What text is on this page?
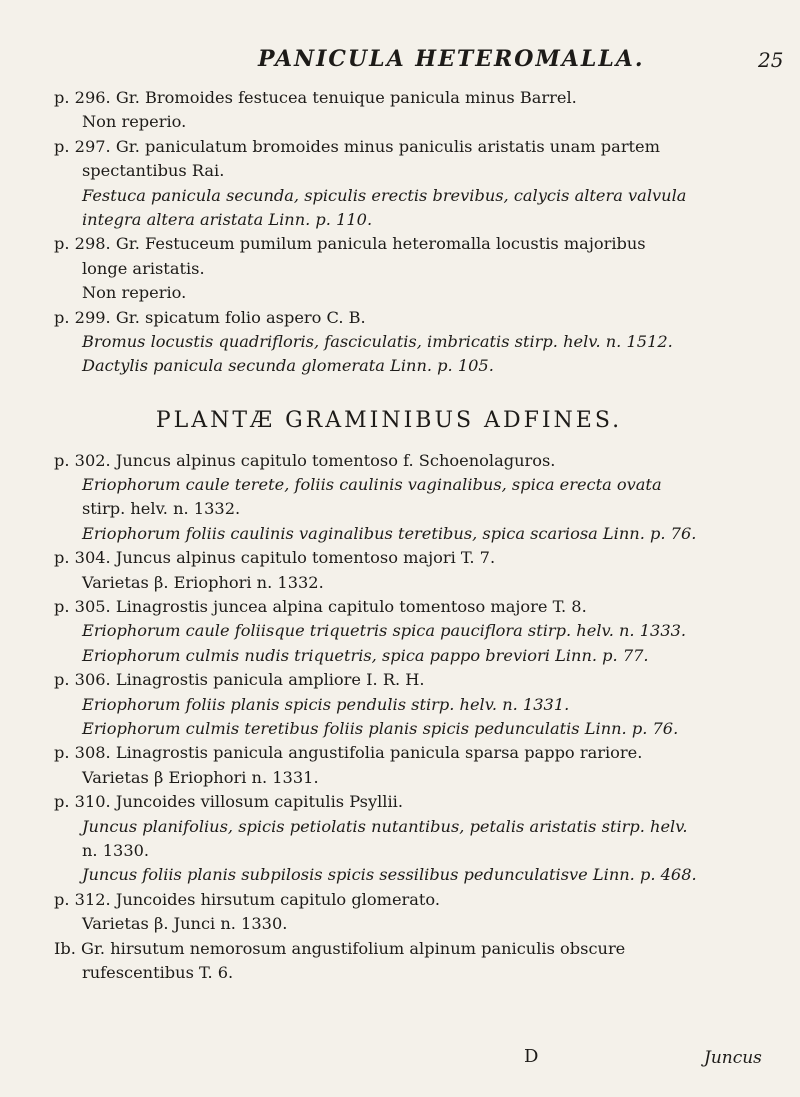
PANICULA HETEROMALLA.	25
p. 296. Gr. Bromoides festucea tenuique panicula minus Barrel.
Non reperio.
p. 297. Gr. paniculatum bromoides minus paniculis aristatis unam partem
spectantibus Rai.
Festuca panicula secunda, spiculis erectis brevibus, calycis altera valvula
integra altera aristata Linn. p. 110.
p. 298. Gr. Festuceum pumilum panicula heteromalla locustis majoribus
longe aristatis.
Non reperio.
p. 299. Gr. spicatum folio aspero C. B.
Bromus locustis quadrifloris, fasciculatis, imbricatis stirp. helv. n. 1512.
Dactylis panicula secunda glomerata Linn. p. 105.
PLANTÆ GRAMINIBUS ADFINES.
p. 302. Juncus alpinus capitulo tomentoso f. Schoenolaguros.
Eriophorum caule terete, foliis caulinis vaginalibus, spica erecta ovata
stirp. helv. n. 1332.
Eriophorum foliis caulinis vaginalibus teretibus, spica scariosa Linn. p. 76.
p. 304. Juncus alpinus capitulo tomentoso majori T. 7.
Varietas β. Eriophori n. 1332.
p. 305. Linagrostis juncea alpina capitulo tomentoso majore T. 8.
Eriophorum caule foliisque triquetris spica pauciflora stirp. helv. n. 1333.
Eriophorum culmis nudis triquetris, spica pappo breviori Linn. p. 77.
p. 306. Linagrostis panicula ampliore I. R. H.
Eriophorum foliis planis spicis pendulis stirp. helv. n. 1331.
Eriophorum culmis teretibus foliis planis spicis pedunculatis Linn. p. 76.
p. 308. Linagrostis panicula angustifolia panicula sparsa pappo rariore.
Varietas β Eriophori n. 1331.
p. 310. Juncoides villosum capitulis Psyllii.
Juncus planifolius, spicis petiolatis nutantibus, petalis aristatis stirp. helv.
n. 1330.
Juncus foliis planis subpilosis spicis sessilibus pedunculatisve Linn. p. 468.
p. 312. Juncoides hirsutum capitulo glomerato.
Varietas β. Junci n. 1330.
Ib. Gr. hirsutum nemorosum angustifolium alpinum paniculis obscure
rufescentibus T. 6.
D	Juncus
